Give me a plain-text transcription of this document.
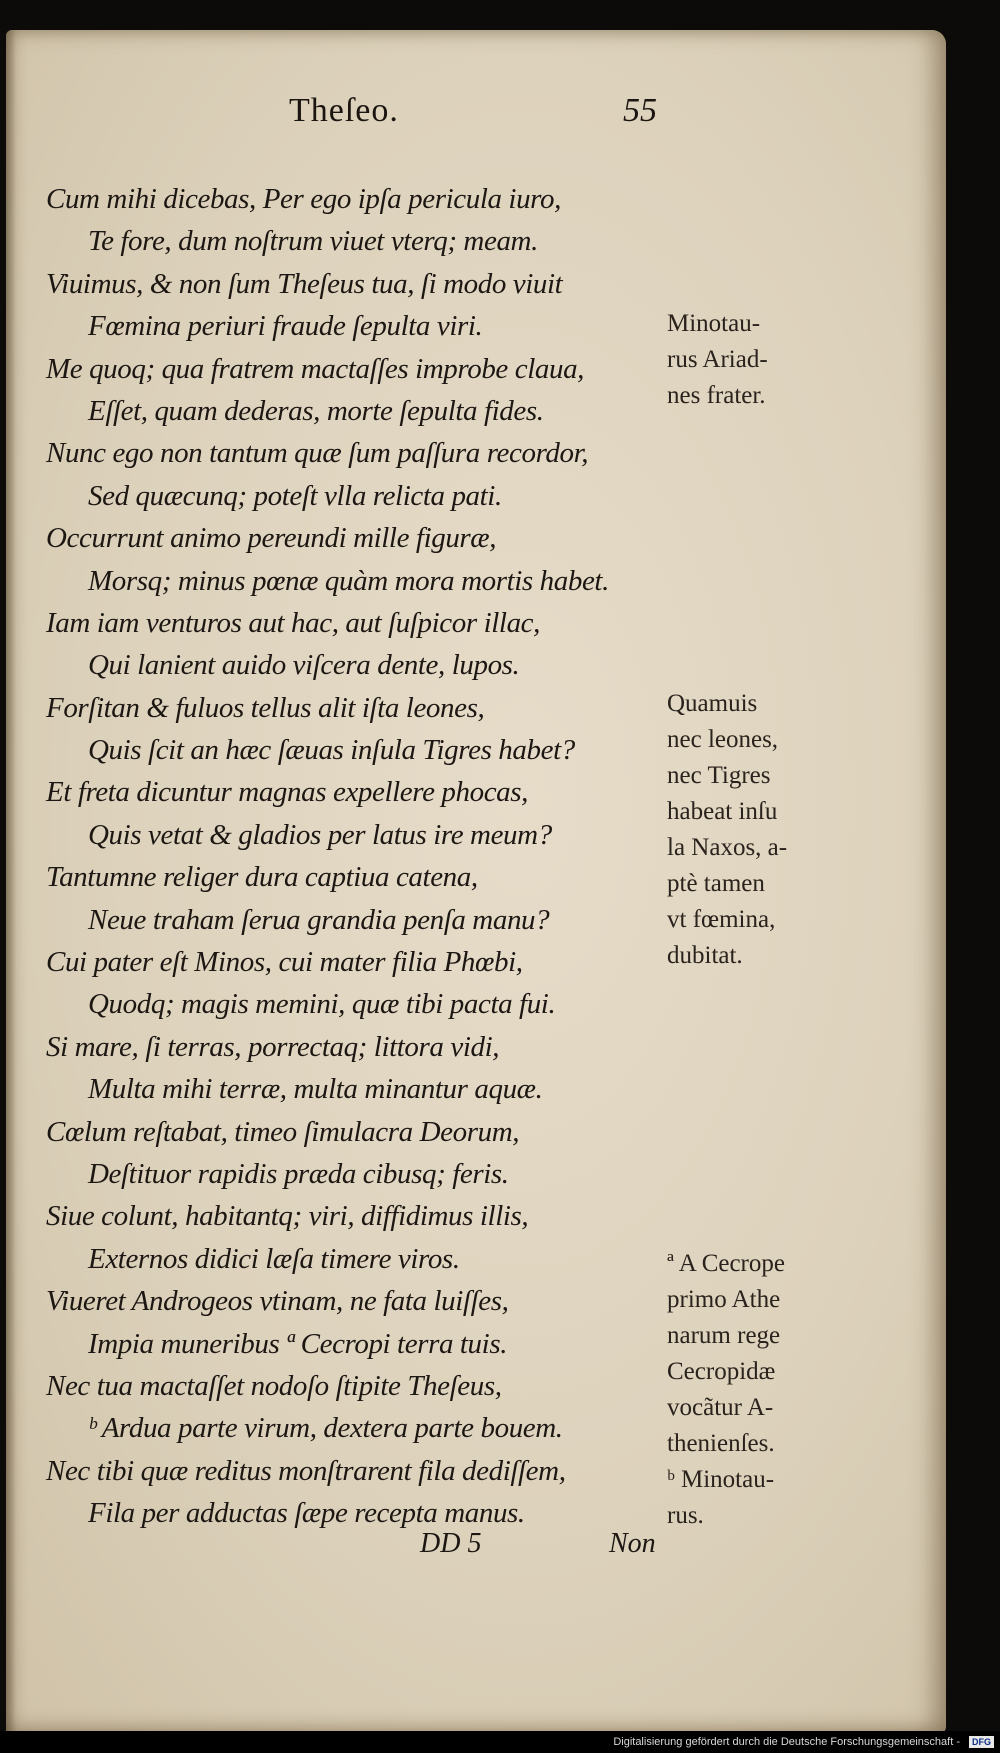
Theſeo.	55
Cum mihi dicebas, Per ego ipſa pericula iuro,
Te fore, dum noſtrum viuet vterq; meam.
Viuimus, & non ſum Theſeus tua, ſi modo viuit
Fœmina periuri fraude ſepulta viri.
Me quoq; qua fratrem mactaſſes improbe claua,
Eſſet, quam dederas, morte ſepulta fides.
Nunc ego non tantum quæ ſum paſſura recordor,
Sed quæcunq; poteſt vlla relicta pati.
Occurrunt animo pereundi mille figuræ,
Morsq; minus pœnæ quàm mora mortis habet.
Iam iam venturos aut hac, aut ſuſpicor illac,
Qui lanient auido viſcera dente, lupos.
Forſitan & fuluos tellus alit iſta leones,
Quis ſcit an hæc ſæuas inſula Tigres habet?
Et freta dicuntur magnas expellere phocas,
Quis vetat & gladios per latus ire meum?
Tantumne religer dura captiua catena,
Neue traham ſerua grandia penſa manu?
Cui pater eſt Minos, cui mater filia Phœbi,
Quodq; magis memini, quæ tibi pacta fui.
Si mare, ſi terras, porrectaq; littora vidi,
Multa mihi terræ, multa minantur aquæ.
Cœlum reſtabat, timeo ſimulacra Deorum,
Deſtituor rapidis præda cibusq; feris.
Siue colunt, habitantq; viri, diffidimus illis,
Externos didici læſa timere viros.
Viueret Androgeos vtinam, ne fata luiſſes,
Impia muneribus ª Cecropi terra tuis.
Nec tua mactaſſet nodoſo ſtipite Theſeus,
ᵇ Ardua parte virum, dextera parte bouem.
Nec tibi quæ reditus monſtrarent fila dediſſem,
Fila per adductas ſæpe recepta manus.
Minotau-
rus Ariad-
nes frater.
Quamuis
nec leones,
nec Tigres
habeat inſu
la Naxos, a-
ptè tamen
vt fœmina,
dubitat.
ª A Cecrope
primo Athe
narum rege
Cecropidæ
vocãtur A-
thenienſes.
ᵇ Minotau-
rus.
DD 5	Non
Digitalisierung gefördert durch die Deutsche Forschungsgemeinschaft -	DFG
